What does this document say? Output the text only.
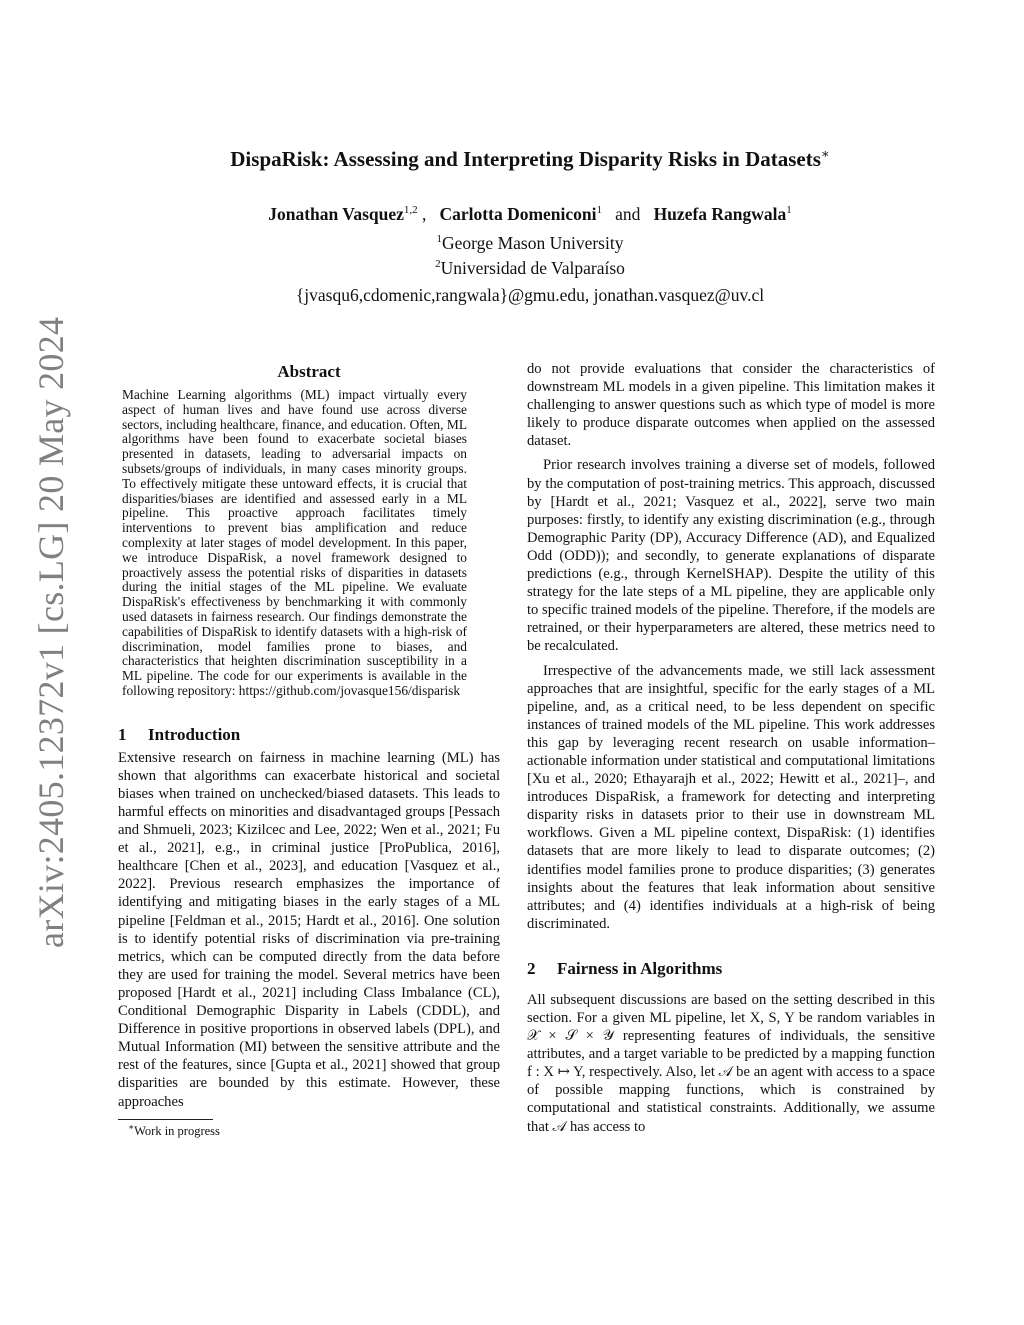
arXiv:2405.12372v1 [cs.LG] 20 May 2024
DispaRisk: Assessing and Interpreting Disparity Risks in Datasets∗
Jonathan Vasquez$^{1,2}$ , Carlotta Domeniconi$^1$ and Huzefa Rangwala$^1$
$^1$George Mason University
$^2$Universidad de Valparaíso
{jvasqu6,cdomenic,rangwala}@gmu.edu, jonathan.vasquez@uv.cl
Abstract

Machine Learning algorithms (ML) impact virtually every aspect of human lives and have found use across diverse sectors, including healthcare, finance, and education. Often, ML algorithms have been found to exacerbate societal biases presented in datasets, leading to adversarial impacts on subsets/groups of individuals, in many cases minority groups. To effectively mitigate these untoward effects, it is crucial that disparities/biases are identified and assessed early in a ML pipeline. This proactive approach facilitates timely interventions to prevent bias amplification and reduce complexity at later stages of model development. In this paper, we introduce DispaRisk, a novel framework designed to proactively assess the potential risks of disparities in datasets during the initial stages of the ML pipeline. We evaluate DispaRisk's effectiveness by benchmarking it with commonly used datasets in fairness research. Our findings demonstrate the capabilities of DispaRisk to identify datasets with a high-risk of discrimination, model families prone to biases, and characteristics that heighten discrimination susceptibility in a ML pipeline. The code for our experiments is available in the following repository: https://github.com/jovasque156/disparisk

1 Introduction

Extensive research on fairness in machine learning (ML) has shown that algorithms can exacerbate historical and societal biases when trained on unchecked/biased datasets. This leads to harmful effects on minorities and disadvantaged groups [Pessach and Shmueli, 2023; Kizilcec and Lee, 2022; Wen et al., 2021; Fu et al., 2021], e.g., in criminal justice [ProPublica, 2016], healthcare [Chen et al., 2023], and education [Vasquez et al., 2022]. Previous research emphasizes the importance of identifying and mitigating biases in the early stages of a ML pipeline [Feldman et al., 2015; Hardt et al., 2016]. One solution is to identify potential risks of discrimination via pre-training metrics, which can be computed directly from the data before they are used for training the model. Several metrics have been proposed [Hardt et al., 2021] including Class Imbalance (CL), Conditional Demographic Disparity in Labels (CDDL), and Difference in positive proportions in observed labels (DPL), and Mutual Information (MI) between the sensitive attribute and the rest of the features, since [Gupta et al., 2021] showed that group disparities are bounded by this estimate. However, these approaches

∗Work in progress

do not provide evaluations that consider the characteristics of downstream ML models in a given pipeline. This limitation makes it challenging to answer questions such as which type of model is more likely to produce disparate outcomes when applied on the assessed dataset.

Prior research involves training a diverse set of models, followed by the computation of post-training metrics. This approach, discussed by [Hardt et al., 2021; Vasquez et al., 2022], serve two main purposes: firstly, to identify any existing discrimination (e.g., through Demographic Parity (DP), Accuracy Difference (AD), and Equalized Odd (ODD)); and secondly, to generate explanations of disparate predictions (e.g., through KernelSHAP). Despite the utility of this strategy for the late steps of a ML pipeline, they are applicable only to specific trained models of the pipeline. Therefore, if the models are retrained, or their hyperparameters are altered, these metrics need to be recalculated.

Irrespective of the advancements made, we still lack assessment approaches that are insightful, specific for the early stages of a ML pipeline, and, as a critical need, to be less dependent on specific instances of trained models of the ML pipeline. This work addresses this gap by leveraging recent research on usable information–actionable information under statistical and computational limitations [Xu et al., 2020; Ethayarajh et al., 2022; Hewitt et al., 2021]–, and introduces DispaRisk, a framework for detecting and interpreting disparity risks in datasets prior to their use in downstream ML workflows. Given a ML pipeline context, DispaRisk: (1) identifies datasets that are more likely to lead to disparate outcomes; (2) identifies model families prone to produce disparities; (3) generates insights about the features that leak information about sensitive attributes; and (4) identifies individuals at a high-risk of being discriminated.

2 Fairness in Algorithms

All subsequent discussions are based on the setting described in this section. For a given ML pipeline, let X, S, Y be random variables in 𝒳 × 𝒮 × 𝒴 representing features of individuals, the sensitive attributes, and a target variable to be predicted by a mapping function f : X ↦ Y, respectively. Also, let 𝒜 be an agent with access to a space of possible mapping functions, which is constrained by computational and statistical constraints. Additionally, we assume that 𝒜 has access to
